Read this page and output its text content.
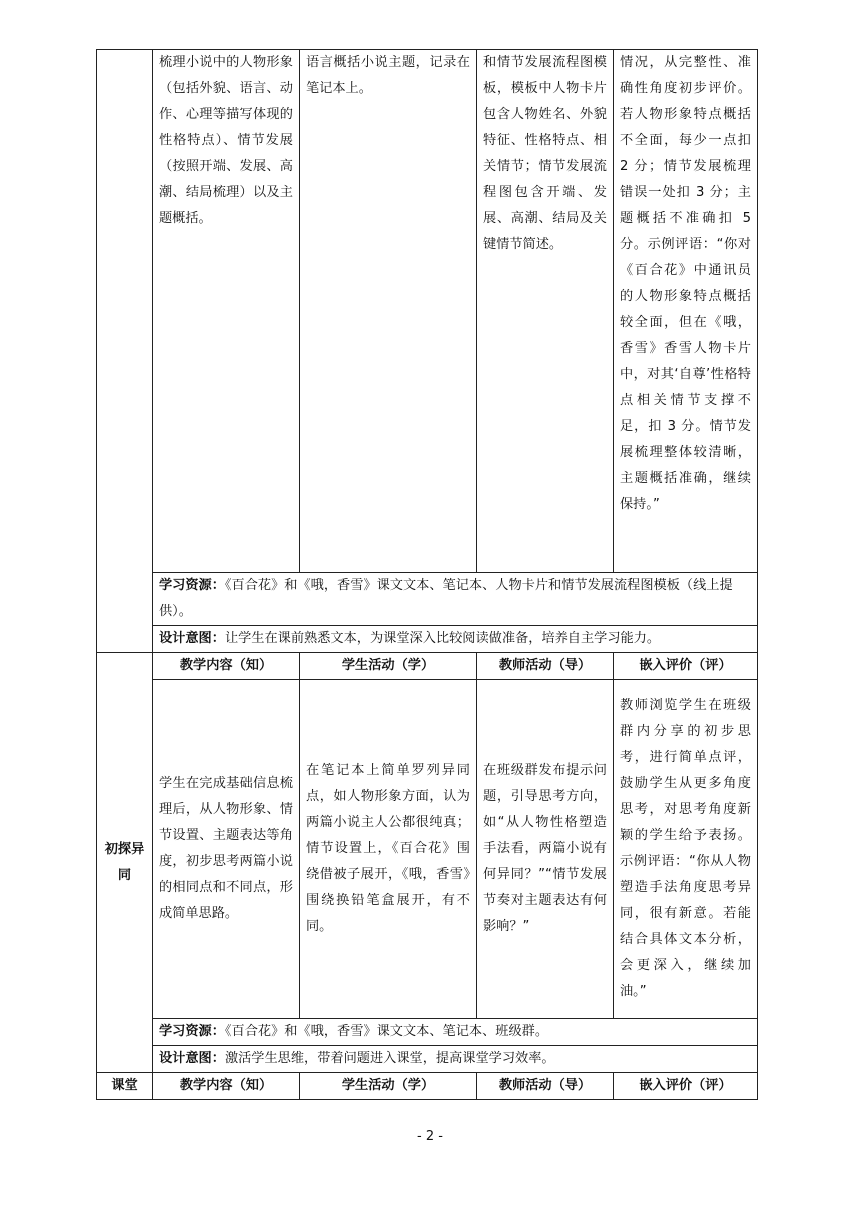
	梳理小说中的人物形象（包括外貌、语言、动作、心理等描写体现的性格特点）、情节发展（按照开端、发展、高潮、结局梳理）以及主题概括。	语言概括小说主题，记录在笔记本上。	和情节发展流程图模板，模板中人物卡片包含人物姓名、外貌特征、性格特点、相关情节；情节发展流程图包含开端、发展、高潮、结局及关键情节简述。	情况，从完整性、准确性角度初步评价。若人物形象特点概括不全面，每少一点扣 2 分；情节发展梳理错误一处扣 3 分；主题概括不准确扣 5 分。示例评语：“你对《百合花》中通讯员的人物形象特点概括较全面，但在《哦，香雪》香雪人物卡片中，对其‘自尊’性格特点相关情节支撑不足，扣 3 分。情节发展梳理整体较清晰，主题概括准确，继续保持。”
	学习资源：《百合花》和《哦，香雪》课文文本、笔记本、人物卡片和情节发展流程图模板（线上提供）。			
	设计意图：让学生在课前熟悉文本，为课堂深入比较阅读做准备，培养自主学习能力。			
初探异同	教学内容（知）	学生活动（学）	教师活动（导）	嵌入评价（评）
	学生在完成基础信息梳理后，从人物形象、情节设置、主题表达等角度，初步思考两篇小说的相同点和不同点，形成简单思路。	在笔记本上简单罗列异同点，如人物形象方面，认为两篇小说主人公都很纯真；情节设置上，《百合花》围绕借被子展开，《哦，香雪》围绕换铅笔盒展开，有不同。	在班级群发布提示问题，引导思考方向，如“从人物性格塑造手法看，两篇小说有何异同？”“情节发展节奏对主题表达有何影响？”	教师浏览学生在班级群内分享的初步思考，进行简单点评，鼓励学生从更多角度思考，对思考角度新颖的学生给予表扬。示例评语：“你从人物塑造手法角度思考异同，很有新意。若能结合具体文本分析，会更深入，继续加油。”
	学习资源：《百合花》和《哦，香雪》课文文本、笔记本、班级群。			
	设计意图：激活学生思维，带着问题进入课堂，提高课堂学习效率。			
课堂	教学内容（知）	学生活动（学）	教师活动（导）	嵌入评价（评）
- 2 -
